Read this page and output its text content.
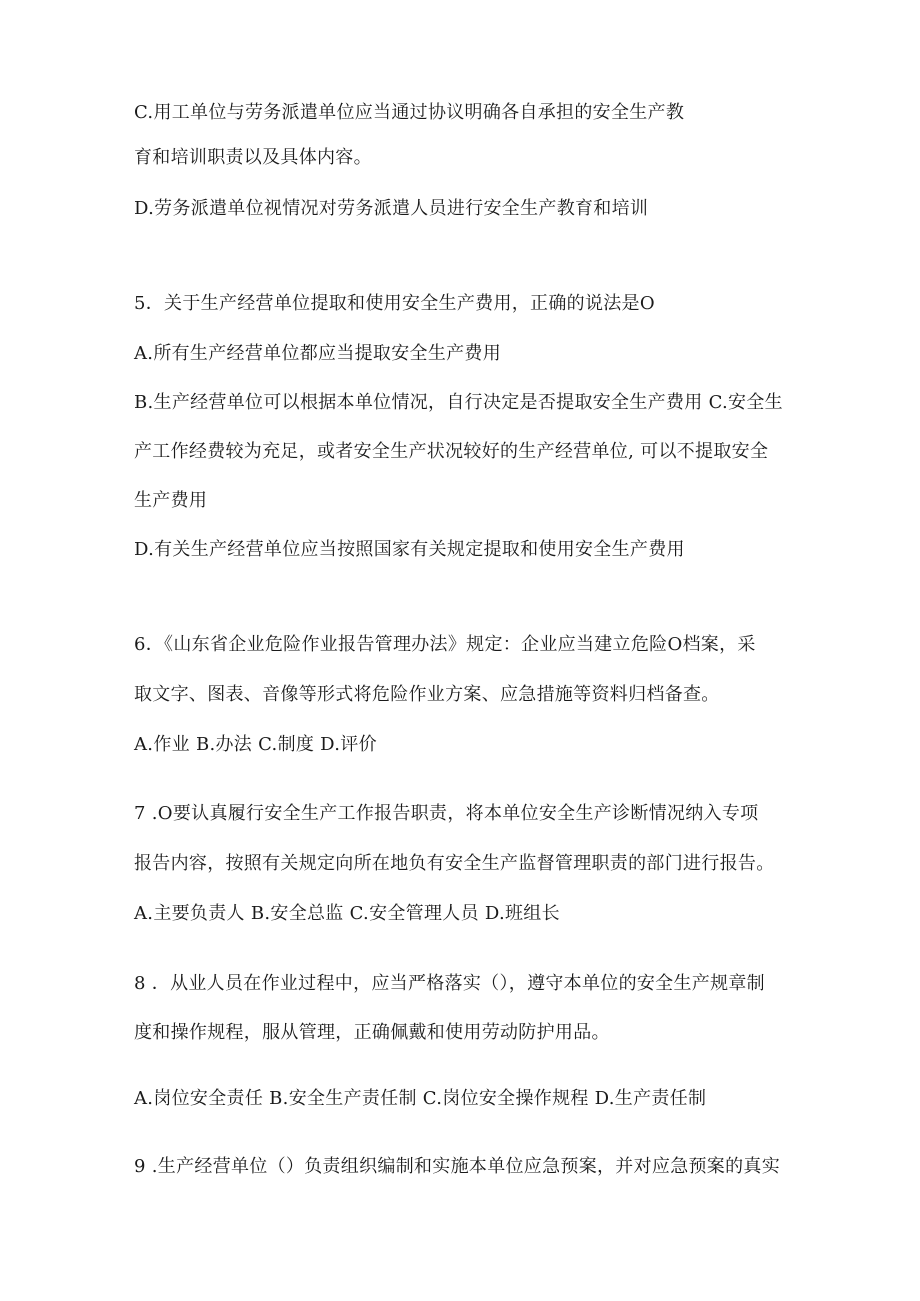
C.用工单位与劳务派遣单位应当通过协议明确各自承担的安全生产教
育和培训职责以及具体内容。
D.劳务派遣单位视情况对劳务派遣人员进行安全生产教育和培训
5．关于生产经营单位提取和使用安全生产费用，正确的说法是O
A.所有生产经营单位都应当提取安全生产费用
B.生产经营单位可以根据本单位情况，自行决定是否提取安全生产费用 C.安全生
产工作经费较为充足，或者安全生产状况较好的生产经营单位, 可以不提取安全
生产费用
D.有关生产经营单位应当按照国家有关规定提取和使用安全生产费用
6．《山东省企业危险作业报告管理办法》规定：企业应当建立危险O档案，采
取文字、图表、音像等形式将危险作业方案、应急措施等资料归档备查。
A.作业 B.办法 C.制度 D.评价
7 .O要认真履行安全生产工作报告职责，将本单位安全生产诊断情况纳入专项
报告内容，按照有关规定向所在地负有安全生产监督管理职责的部门进行报告。
A.主要负责人 B.安全总监 C.安全管理人员 D.班组长
8 ．从业人员在作业过程中，应当严格落实（），遵守本单位的安全生产规章制
度和操作规程，服从管理，正确佩戴和使用劳动防护用品。
A.岗位安全责任 B.安全生产责任制 C.岗位安全操作规程 D.生产责任制
9 .生产经营单位（）负责组织编制和实施本单位应急预案，并对应急预案的真实
